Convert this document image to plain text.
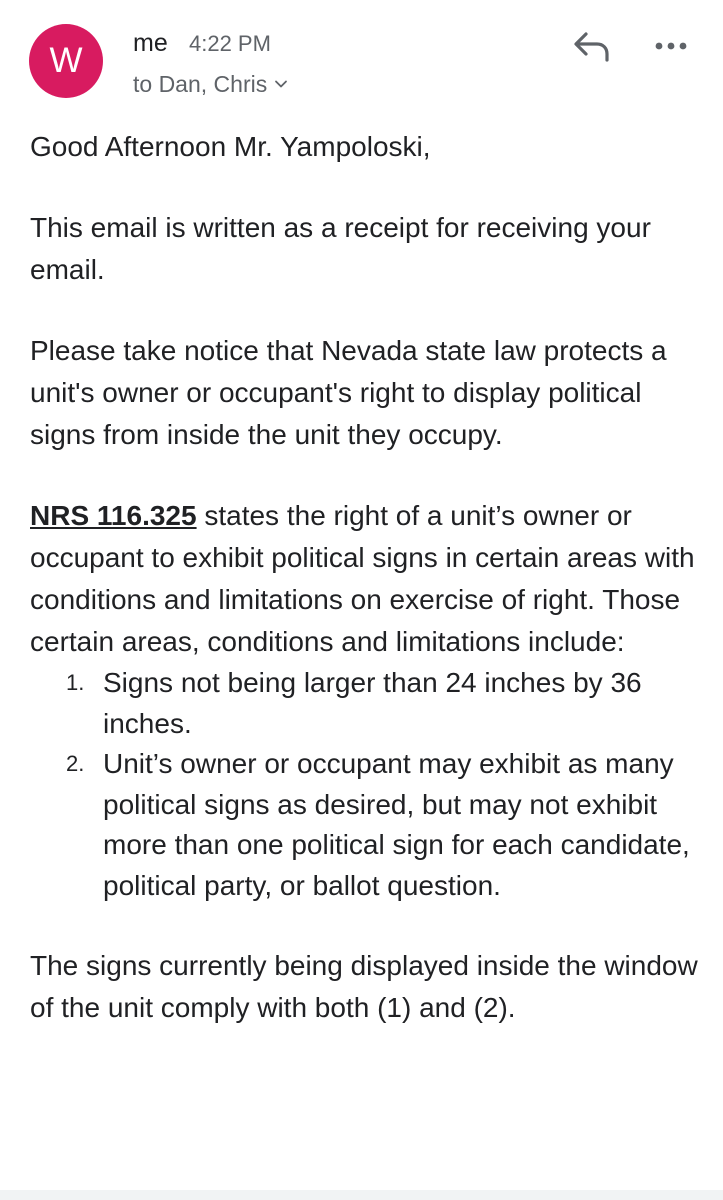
W	me 4:22 PM
to Dan, Chris

Good Afternoon Mr. Yampoloski,

This email is written as a receipt for receiving your email.

Please take notice that Nevada state law protects a unit's owner or occupant's right to display political signs from inside the unit they occupy.

NRS 116.325 states the right of a unit’s owner or occupant to exhibit political signs in certain areas with conditions and limitations on exercise of right. Those certain areas, conditions and limitations include:

1. Signs not being larger than 24 inches by 36 inches.
2. Unit’s owner or occupant may exhibit as many political signs as desired, but may not exhibit more than one political sign for each candidate, political party, or ballot question.

The signs currently being displayed inside the window of the unit comply with both (1) and (2).
